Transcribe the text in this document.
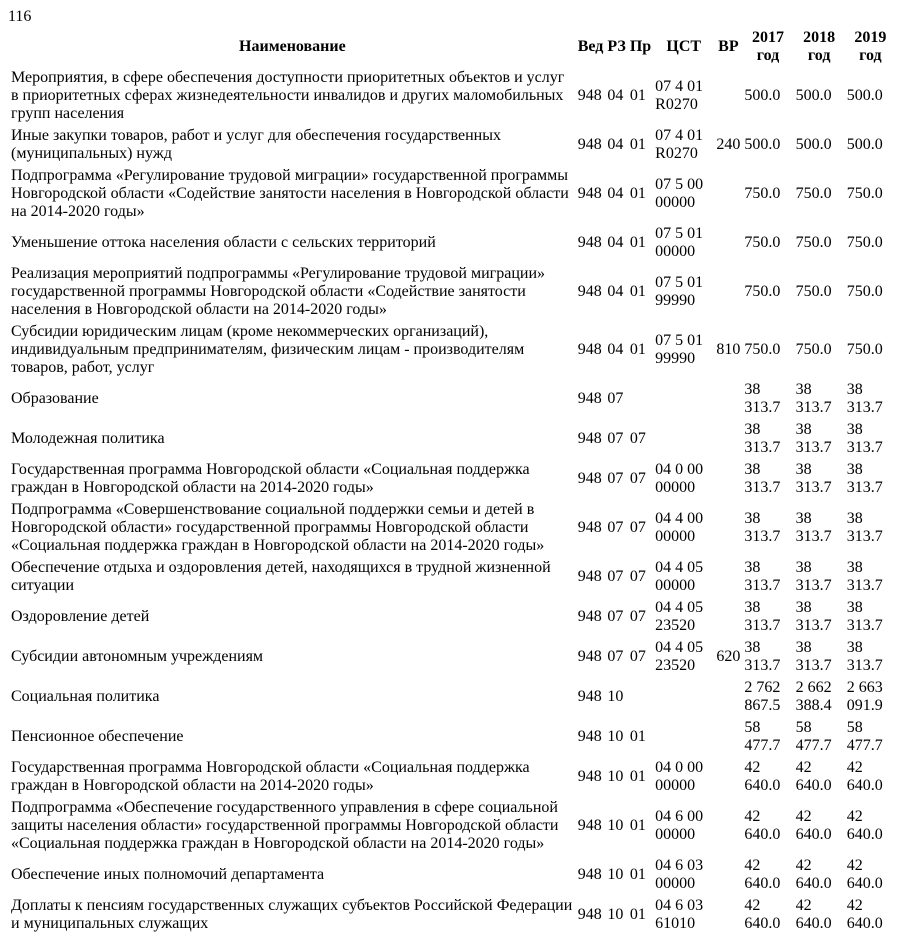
116
Наименование	Вед	РЗ	Пр	ЦСТ	ВР	2017 год	2018 год	2019 год
Мероприятия, в сфере обеспечения доступности приоритетных объектов и услуг в приоритетных сферах жизнедеятельности инвалидов и других маломобильных групп населения	948	04	01	07 4 01 R0270		500.0	500.0	500.0
Иные закупки товаров, работ и услуг для обеспечения государственных (муниципальных) нужд	948	04	01	07 4 01 R0270	240	500.0	500.0	500.0
Подпрограмма «Регулирование трудовой миграции» государственной программы Новгородской области «Содействие занятости населения в Новгородской области на 2014-2020 годы»	948	04	01	07 5 00 00000		750.0	750.0	750.0
Уменьшение оттока населения области с сельских территорий	948	04	01	07 5 01 00000		750.0	750.0	750.0
Реализация мероприятий подпрограммы «Регулирование трудовой миграции» государственной программы Новгородской области «Содействие занятости населения в Новгородской области на 2014-2020 годы»	948	04	01	07 5 01 99990		750.0	750.0	750.0
Субсидии юридическим лицам (кроме некоммерческих организаций), индивидуальным предпринимателям, физическим лицам - производителям товаров, работ, услуг	948	04	01	07 5 01 99990	810	750.0	750.0	750.0
Образование	948	07				38 313.7	38 313.7	38 313.7
Молодежная политика	948	07	07			38 313.7	38 313.7	38 313.7
Государственная программа Новгородской области «Социальная поддержка граждан в Новгородской области на 2014-2020 годы»	948	07	07	04 0 00 00000		38 313.7	38 313.7	38 313.7
Подпрограмма «Совершенствование социальной поддержки семьи и детей в Новгородской области» государственной программы Новгородской области «Социальная поддержка граждан в Новгородской области на 2014-2020 годы»	948	07	07	04 4 00 00000		38 313.7	38 313.7	38 313.7
Обеспечение отдыха и оздоровления детей, находящихся в трудной жизненной ситуации	948	07	07	04 4 05 00000		38 313.7	38 313.7	38 313.7
Оздоровление детей	948	07	07	04 4 05 23520		38 313.7	38 313.7	38 313.7
Субсидии автономным учреждениям	948	07	07	04 4 05 23520	620	38 313.7	38 313.7	38 313.7
Социальная политика	948	10				2 762 867.5	2 662 388.4	2 663 091.9
Пенсионное обеспечение	948	10	01			58 477.7	58 477.7	58 477.7
Государственная программа Новгородской области «Социальная поддержка граждан в Новгородской области на 2014-2020 годы»	948	10	01	04 0 00 00000		42 640.0	42 640.0	42 640.0
Подпрограмма «Обеспечение государственного управления в сфере социальной защиты населения области» государственной программы Новгородской области «Социальная поддержка граждан в Новгородской области на 2014-2020 годы»	948	10	01	04 6 00 00000		42 640.0	42 640.0	42 640.0
Обеспечение иных полномочий департамента	948	10	01	04 6 03 00000		42 640.0	42 640.0	42 640.0
Доплаты к пенсиям государственных служащих субъектов Российской Федерации и муниципальных служащих	948	10	01	04 6 03 61010		42 640.0	42 640.0	42 640.0
